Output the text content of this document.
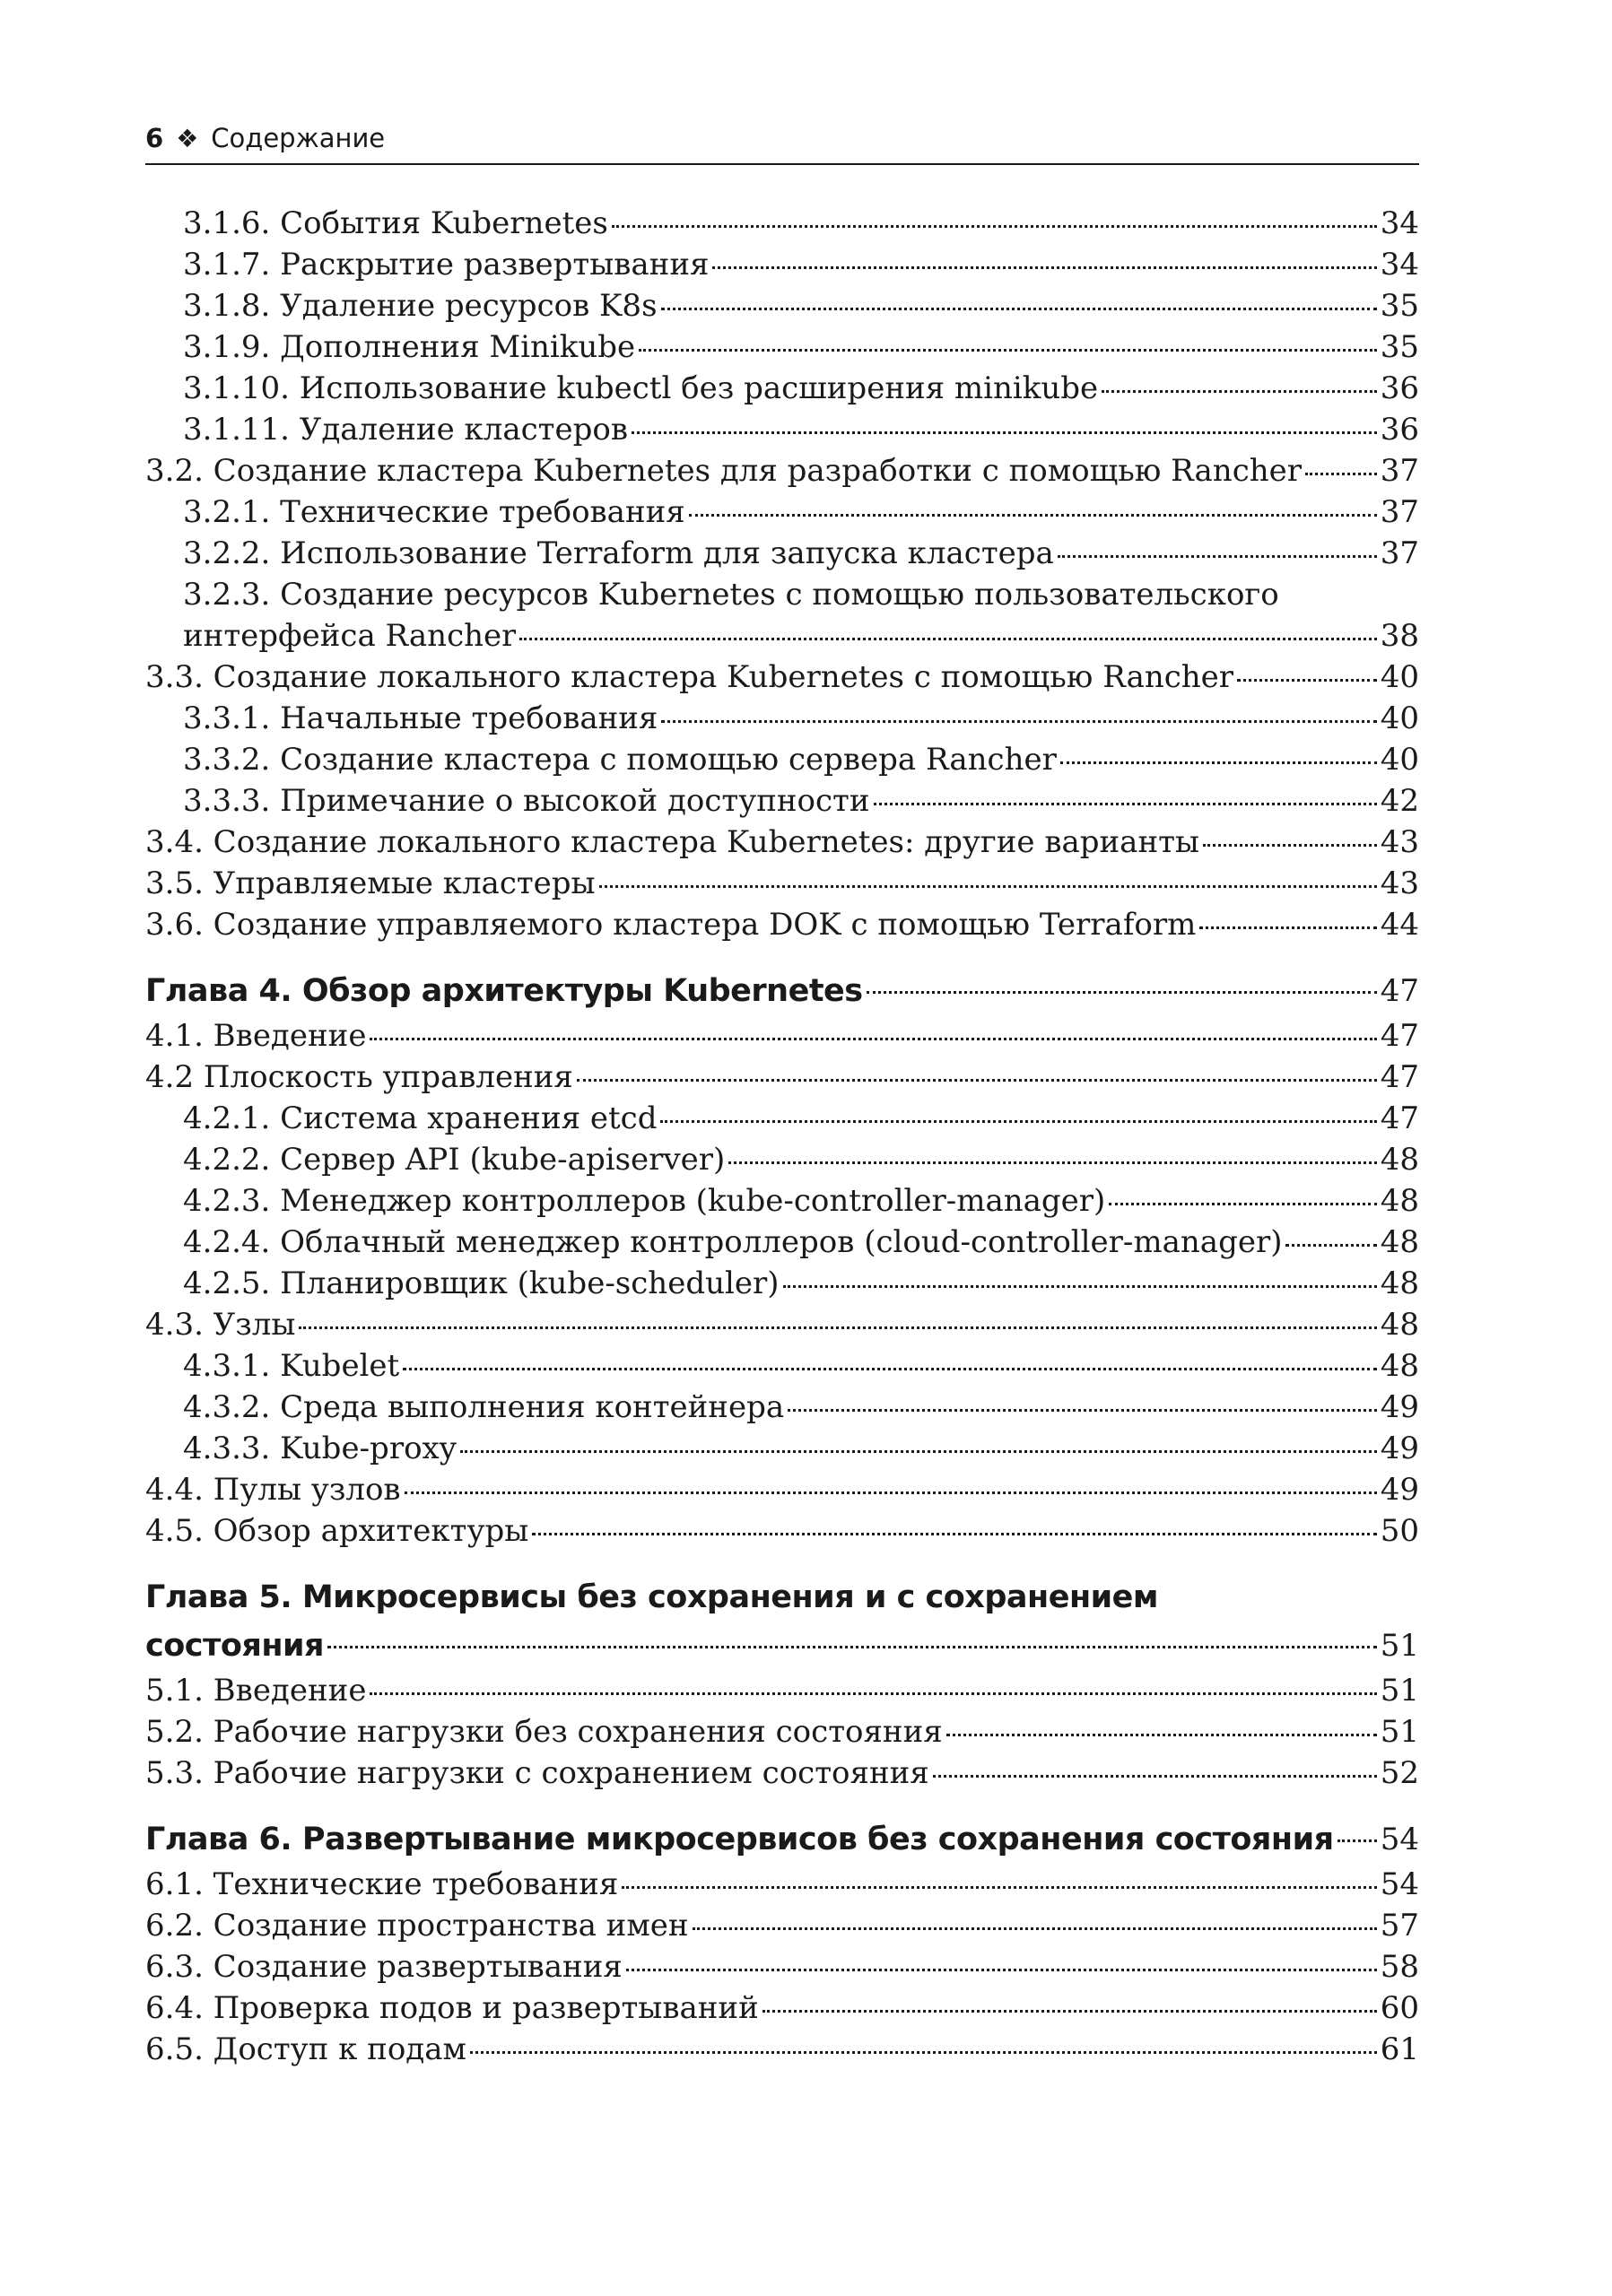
6 ❖ Содержание
3.1.6. События Kubernetes	34
3.1.7. Раскрытие развертывания	34
3.1.8. Удаление ресурсов K8s	35
3.1.9. Дополнения Minikube	35
3.1.10. Использование kubectl без расширения minikube	36
3.1.11. Удаление кластеров	36
3.2. Создание кластера Kubernetes для разработки с помощью Rancher	37
3.2.1. Технические требования	37
3.2.2. Использование Terraform для запуска кластера	37
3.2.3. Создание ресурсов Kubernetes с помощью пользовательского
интерфейса Rancher	38
3.3. Создание локального кластера Kubernetes с помощью Rancher	40
3.3.1. Начальные требования	40
3.3.2. Создание кластера с помощью сервера Rancher	40
3.3.3. Примечание о высокой доступности	42
3.4. Создание локального кластера Kubernetes: другие варианты	43
3.5. Управляемые кластеры	43
3.6. Создание управляемого кластера DOK с помощью Terraform	44
Глава 4. Обзор архитектуры Kubernetes	47
4.1. Введение	47
4.2 Плоскость управления	47
4.2.1. Система хранения etcd	47
4.2.2. Сервер API (kube-apiserver)	48
4.2.3. Менеджер контроллеров (kube-controller-manager)	48
4.2.4. Облачный менеджер контроллеров (cloud-controller-manager)	48
4.2.5. Планировщик (kube-scheduler)	48
4.3. Узлы	48
4.3.1. Kubelet	48
4.3.2. Среда выполнения контейнера	49
4.3.3. Kube-proxy	49
4.4. Пулы узлов	49
4.5. Обзор архитектуры	50
Глава 5. Микросервисы без сохранения и с сохранением
состояния	51
5.1. Введение	51
5.2. Рабочие нагрузки без сохранения состояния	51
5.3. Рабочие нагрузки с сохранением состояния	52
Глава 6. Развертывание микросервисов без сохранения состояния 54
6.1. Технические требования	54
6.2. Создание пространства имен	57
6.3. Создание развертывания	58
6.4. Проверка подов и развертываний	60
6.5. Доступ к подам	61
